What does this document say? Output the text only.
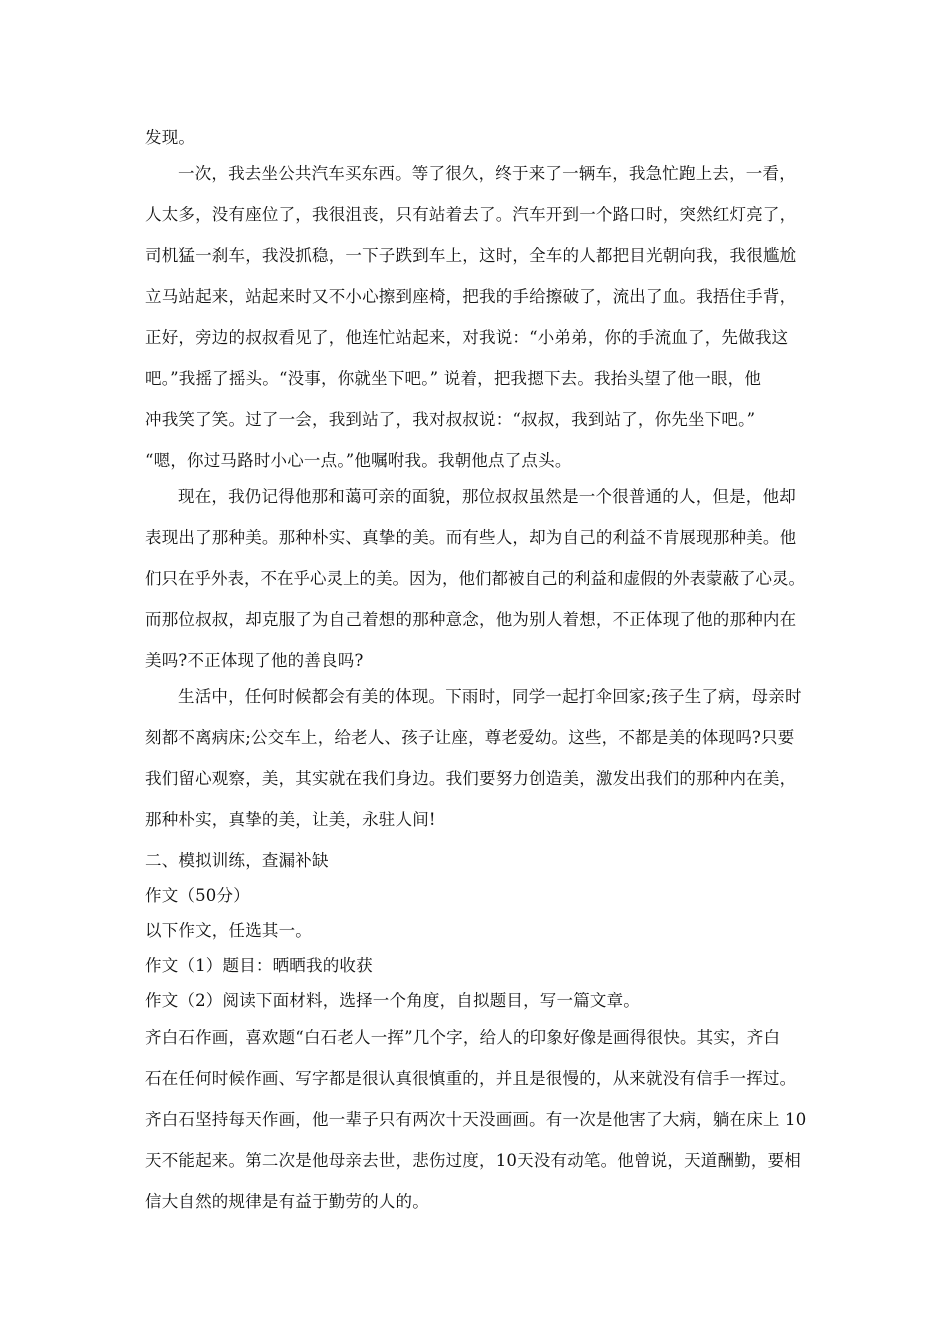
发现。
一次，我去坐公共汽车买东西。等了很久，终于来了一辆车，我急忙跑上去，一看，
人太多，没有座位了，我很沮丧，只有站着去了。汽车开到一个路口时，突然红灯亮了，
司机猛一刹车，我没抓稳，一下子跌到车上，这时，全车的人都把目光朝向我，我很尴尬
立马站起来，站起来时又不小心擦到座椅，把我的手给擦破了，流出了血。我捂住手背，
正好，旁边的叔叔看见了，他连忙站起来，对我说：“小弟弟，你的手流血了，先做我这
吧。”我摇了摇头。“没事，你就坐下吧。” 说着，把我摁下去。我抬头望了他一眼，他
冲我笑了笑。过了一会，我到站了，我对叔叔说：“叔叔，我到站了，你先坐下吧。”
“嗯，你过马路时小心一点。”他嘱咐我。我朝他点了点头。
现在，我仍记得他那和蔼可亲的面貌，那位叔叔虽然是一个很普通的人，但是，他却
表现出了那种美。那种朴实、真挚的美。而有些人，却为自己的利益不肯展现那种美。他
们只在乎外表，不在乎心灵上的美。因为，他们都被自己的利益和虚假的外表蒙蔽了心灵。
而那位叔叔，却克服了为自己着想的那种意念，他为别人着想，不正体现了他的那种内在
美吗?不正体现了他的善良吗?
生活中，任何时候都会有美的体现。下雨时，同学一起打伞回家;孩子生了病，母亲时
刻都不离病床;公交车上，给老人、孩子让座，尊老爱幼。这些，不都是美的体现吗?只要
我们留心观察，美，其实就在我们身边。我们要努力创造美，激发出我们的那种内在美，
那种朴实，真挚的美，让美，永驻人间!
二、模拟训练，查漏补缺
作文（50分）
以下作文，任选其一。
作文（1）题目：晒晒我的收获
作文（2）阅读下面材料，选择一个角度，自拟题目，写一篇文章。
齐白石作画，喜欢题“白石老人一挥”几个字，给人的印象好像是画得很快。其实，齐白
石在任何时候作画、写字都是很认真很慎重的，并且是很慢的，从来就没有信手一挥过。
齐白石坚持每天作画，他一辈子只有两次十天没画画。有一次是他害了大病，躺在床上 10
天不能起来。第二次是他母亲去世，悲伤过度，10天没有动笔。他曾说，天道酬勤，要相
信大自然的规律是有益于勤劳的人的。
